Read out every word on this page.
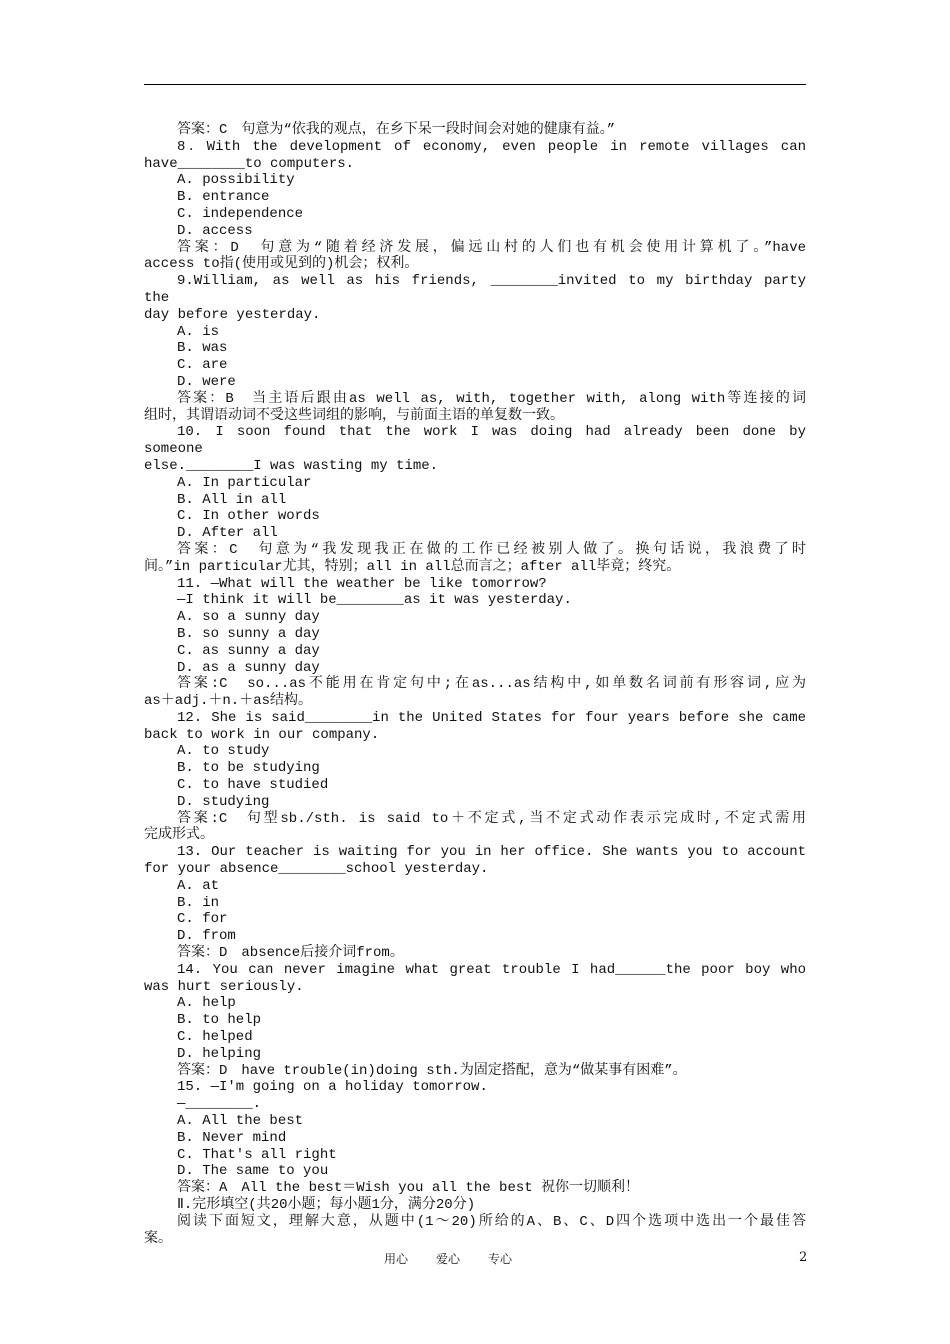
答案：C　句意为“依我的观点，在乡下呆一段时间会对她的健康有益。”

8．With the development of economy, even people in remote villages can

have________to computers.

A. possibility

B. entrance

C. independence

D. access

答案：D　句意为“随着经济发展，偏远山村的人们也有机会使用计算机了。”have

access to指(使用或见到的)机会；权利。

9.William, as well as his friends, ________invited to my birthday party the

day before yesterday.

A. is

B. was

C. are

D. were

答案：B　当主语后跟由as well as, with, together with, along with等连接的词

组时，其谓语动词不受这些词组的影响，与前面主语的单复数一致。

10. I soon found that the work I was doing had already been done by someone

else.________I was wasting my time.

A. In particular

B. All in all

C. In other words

D. After all

答案：C　句意为“我发现我正在做的工作已经被别人做了。换句话说，我浪费了时

间。”in particular尤其，特别；all in all总而言之；after all毕竟；终究。

11. —What will the weather be like tomorrow?

—I think it will be________as it was yesterday.

A. so a sunny day

B. so sunny a day

C. as sunny a day

D. as a sunny day

答案:C　so...as不能用在肯定句中;在as...as结构中,如单数名词前有形容词,应为

as＋adj.＋n.＋as结构。

12. She is said________in the United States for four years before she came

back to work in our company.

A. to study

B. to be studying

C. to have studied

D. studying

答案:C　句型sb./sth. is said to＋不定式,当不定式动作表示完成时,不定式需用

完成形式。

13. Our teacher is waiting for you in her office. She wants you to account

for your absence________school yesterday.

A. at

B. in

C. for

D. from

答案：D　absence后接介词from。

14. You can never imagine what great trouble I had______the poor boy who

was hurt seriously.

A. help

B. to help

C. helped

D. helping

答案：D　have trouble(in)doing sth.为固定搭配，意为“做某事有困难”。

15. —I'm going on a holiday tomorrow.

—________.

A. All the best

B. Never mind

C. That's all right

D. The same to you

答案：A　All the best＝Wish you all the best 祝你一切顺利！

Ⅱ.完形填空(共20小题；每小题1分，满分20分)

阅读下面短文，理解大意，从题中(1～20)所给的A、B、C、D四个选项中选出一个最佳答

案。

用心 爱心 专心	2
